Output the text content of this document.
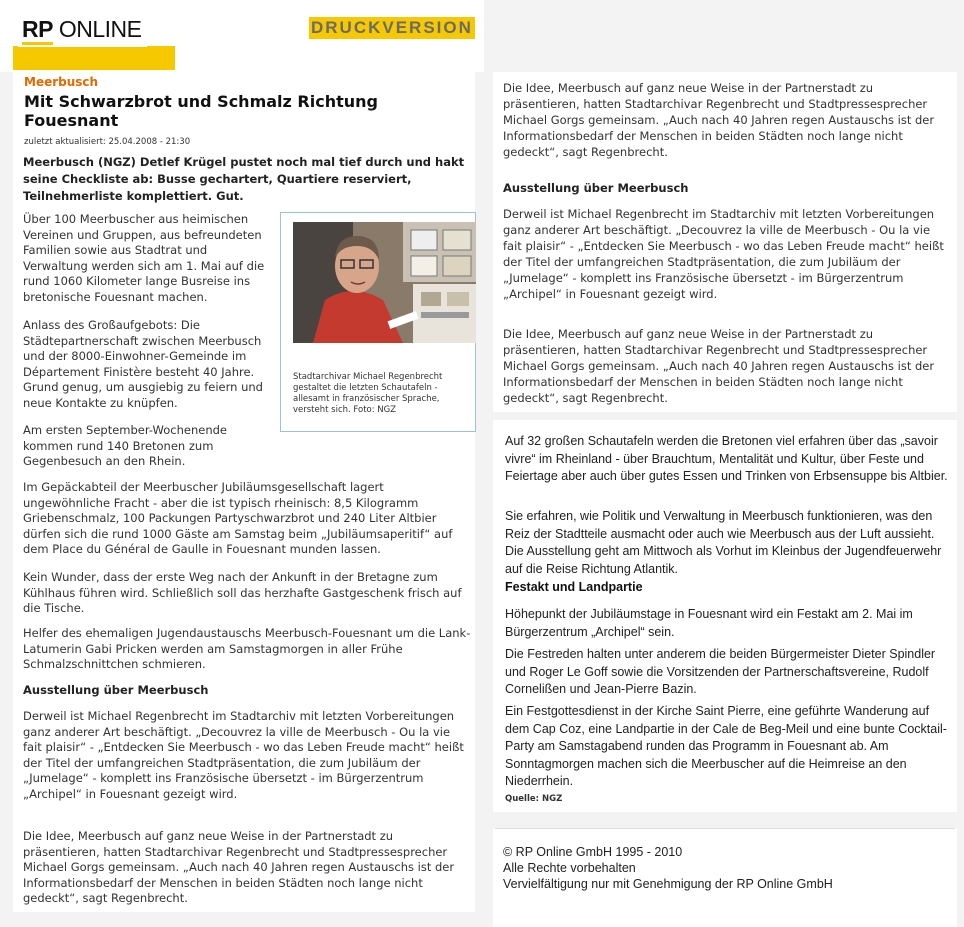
RP ONLINE	DRUCKVERSION
Meerbusch
Mit Schwarzbrot und Schmalz Richtung Fouesnant
zuletzt aktualisiert: 25.04.2008 - 21:30

Meerbusch (NGZ) Detlef Krügel pustet noch mal tief durch und hakt seine Checkliste ab: Busse gechartert, Quartiere reserviert, Teilnehmerliste komplettiert. Gut.

Über 100 Meerbuscher aus heimischen Vereinen und Gruppen, aus befreundeten Familien sowie aus Stadtrat und Verwaltung werden sich am 1. Mai auf die rund 1060 Kilometer lange Busreise ins bretonische Fouesnant machen.

Anlass des Großaufgebots: Die Städtepartnerschaft zwischen Meerbusch und der 8000-Einwohner-Gemeinde im Département Finistère besteht 40 Jahre. Grund genug, um ausgiebig zu feiern und neue Kontakte zu knüpfen.

Am ersten September-Wochenende kommen rund 140 Bretonen zum Gegenbesuch an den Rhein.

Stadtarchivar Michael Regenbrecht gestaltet die letzten Schautafeln - allesamt in französischer Sprache, versteht sich. Foto: NGZ

Im Gepäckabteil der Meerbuscher Jubiläumsgesellschaft lagert ungewöhnliche Fracht - aber die ist typisch rheinisch: 8,5 Kilogramm Griebenschmalz, 100 Packungen Partyschwarzbrot und 240 Liter Altbier dürfen sich die rund 1000 Gäste am Samstag beim „Jubiläumsaperitif“ auf dem Place du Général de Gaulle in Fouesnant munden lassen.

Kein Wunder, dass der erste Weg nach der Ankunft in der Bretagne zum Kühlhaus führen wird. Schließlich soll das herzhafte Gastgeschenk frisch auf die Tische.

Helfer des ehemaligen Jugendaustauschs Meerbusch-Fouesnant um die Lank-Latumerin Gabi Pricken werden am Samstagmorgen in aller Frühe Schmalzschnittchen schmieren.

Ausstellung über Meerbusch

Derweil ist Michael Regenbrecht im Stadtarchiv mit letzten Vorbereitungen ganz anderer Art beschäftigt. „Decouvrez la ville de Meerbusch - Ou la vie fait plaisir“ - „Entdecken Sie Meerbusch - wo das Leben Freude macht“ heißt der Titel der umfangreichen Stadtpräsentation, die zum Jubiläum der „Jumelage“ - komplett ins Französische übersetzt - im Bürgerzentrum „Archipel“ in Fouesnant gezeigt wird.

Die Idee, Meerbusch auf ganz neue Weise in der Partnerstadt zu präsentieren, hatten Stadtarchivar Regenbrecht und Stadtpressesprecher Michael Gorgs gemeinsam. „Auch nach 40 Jahren regen Austauschs ist der Informationsbedarf der Menschen in beiden Städten noch lange nicht gedeckt“, sagt Regenbrecht.

Die Idee, Meerbusch auf ganz neue Weise in der Partnerstadt zu präsentieren, hatten Stadtarchivar Regenbrecht und Stadtpressesprecher Michael Gorgs gemeinsam. „Auch nach 40 Jahren regen Austauschs ist der Informationsbedarf der Menschen in beiden Städten noch lange nicht gedeckt“, sagt Regenbrecht.

Ausstellung über Meerbusch

Derweil ist Michael Regenbrecht im Stadtarchiv mit letzten Vorbereitungen ganz anderer Art beschäftigt. „Decouvrez la ville de Meerbusch - Ou la vie fait plaisir“ - „Entdecken Sie Meerbusch - wo das Leben Freude macht“ heißt der Titel der umfangreichen Stadtpräsentation, die zum Jubiläum der „Jumelage“ - komplett ins Französische übersetzt - im Bürgerzentrum „Archipel“ in Fouesnant gezeigt wird.

Die Idee, Meerbusch auf ganz neue Weise in der Partnerstadt zu präsentieren, hatten Stadtarchivar Regenbrecht und Stadtpressesprecher Michael Gorgs gemeinsam. „Auch nach 40 Jahren regen Austauschs ist der Informationsbedarf der Menschen in beiden Städten noch lange nicht gedeckt“, sagt Regenbrecht.

Auf 32 großen Schautafeln werden die Bretonen viel erfahren über das „savoir vivre“ im Rheinland - über Brauchtum, Mentalität und Kultur, über Feste und Feiertage aber auch über gutes Essen und Trinken von Erbsensuppe bis Altbier.

Sie erfahren, wie Politik und Verwaltung in Meerbusch funktionieren, was den Reiz der Stadtteile ausmacht oder auch wie Meerbusch aus der Luft aussieht. Die Ausstellung geht am Mittwoch als Vorhut im Kleinbus der Jugendfeuerwehr auf die Reise Richtung Atlantik.

Festakt und Landpartie

Höhepunkt der Jubiläumstage in Fouesnant wird ein Festakt am 2. Mai im Bürgerzentrum „Archipel“ sein.

Die Festreden halten unter anderem die beiden Bürgermeister Dieter Spindler und Roger Le Goff sowie die Vorsitzenden der Partnerschaftsvereine, Rudolf Cornelißen und Jean-Pierre Bazin.

Ein Festgottesdienst in der Kirche Saint Pierre, eine geführte Wanderung auf dem Cap Coz, eine Landpartie in der Cale de Beg-Meil und eine bunte Cocktail-Party am Samstagabend runden das Programm in Fouesnant ab. Am Sonntagmorgen machen sich die Meerbuscher auf die Heimreise an den Niederrhein.

Quelle: NGZ

© RP Online GmbH 1995 - 2010

Alle Rechte vorbehalten

Vervielfältigung nur mit Genehmigung der RP Online GmbH
